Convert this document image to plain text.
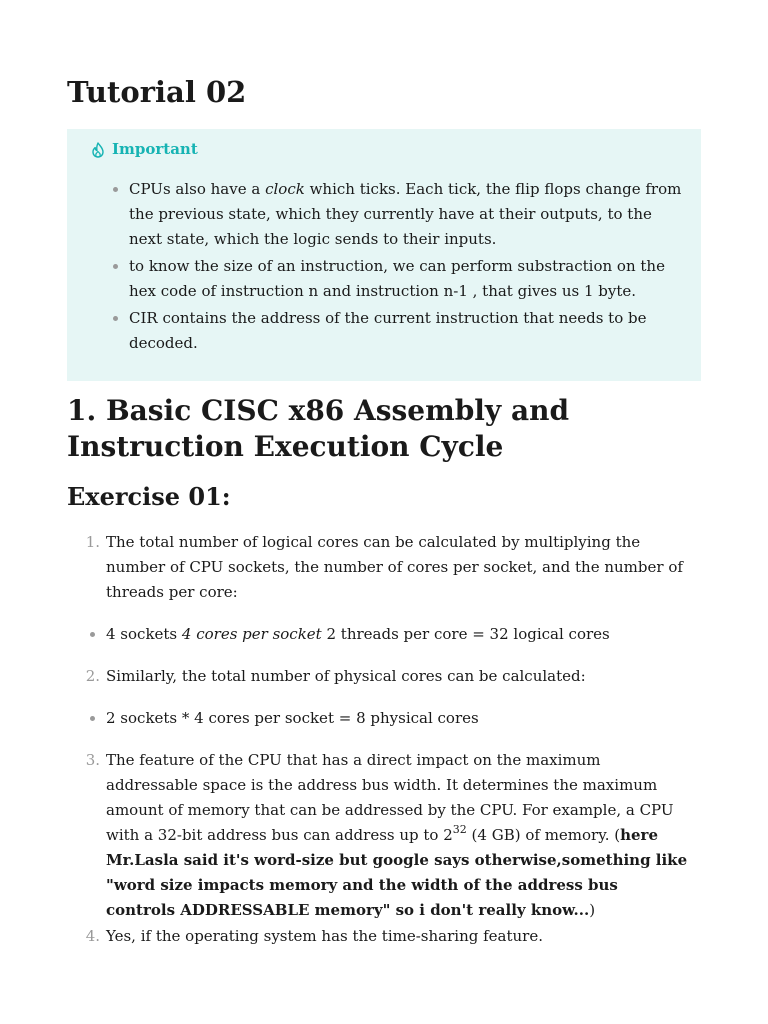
Tutorial 02
Important
CPUs also have a clock which ticks. Each tick, the flip flops change from the previous state, which they currently have at their outputs, to the next state, which the logic sends to their inputs.
to know the size of an instruction, we can perform substraction on the hex code of instruction n and instruction n-1 , that gives us 1 byte.
CIR contains the address of the current instruction that needs to be decoded.
1. Basic CISC x86 Assembly and Instruction Execution Cycle
Exercise 01:
1. The total number of logical cores can be calculated by multiplying the number of CPU sockets, the number of cores per socket, and the number of threads per core:
4 sockets 4 cores per socket 2 threads per core = 32 logical cores
2. Similarly, the total number of physical cores can be calculated:
2 sockets * 4 cores per socket = 8 physical cores
3. The feature of the CPU that has a direct impact on the maximum addressable space is the address bus width. It determines the maximum amount of memory that can be addressed by the CPU. For example, a CPU with a 32-bit address bus can address up to $2^{32}$ (4 GB) of memory. (here Mr.Lasla said it's word-size but google says otherwise,something like "word size impacts memory and the width of the address bus controls ADDRESSABLE memory" so i don't really know...)
4. Yes, if the operating system has the time-sharing feature.
